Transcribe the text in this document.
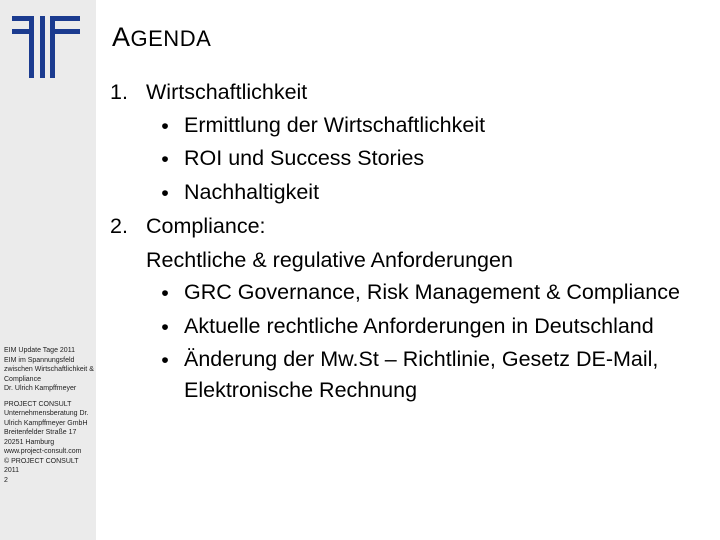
EIM Update Tage 2011
EIM im Spannungsfeld zwischen Wirtschaftlichkeit & Compliance
Dr. Ulrich Kampffmeyer
PROJECT CONSULT Unternehmensberatung Dr. Ulrich Kampffmeyer GmbH
Breitenfelder Straße 17
20251 Hamburg
www.project-consult.com
© PROJECT CONSULT 2011
2
AGENDA
1. Wirtschaftlichkeit
• Ermittlung der Wirtschaftlichkeit
• ROI und Success Stories
• Nachhaltigkeit
2. Compliance:
Rechtliche & regulative Anforderungen
• GRC Governance, Risk Management & Compliance
• Aktuelle rechtliche Anforderungen in Deutschland
• Änderung der Mw.St – Richtlinie, Gesetz DE-Mail, Elektronische Rechnung
